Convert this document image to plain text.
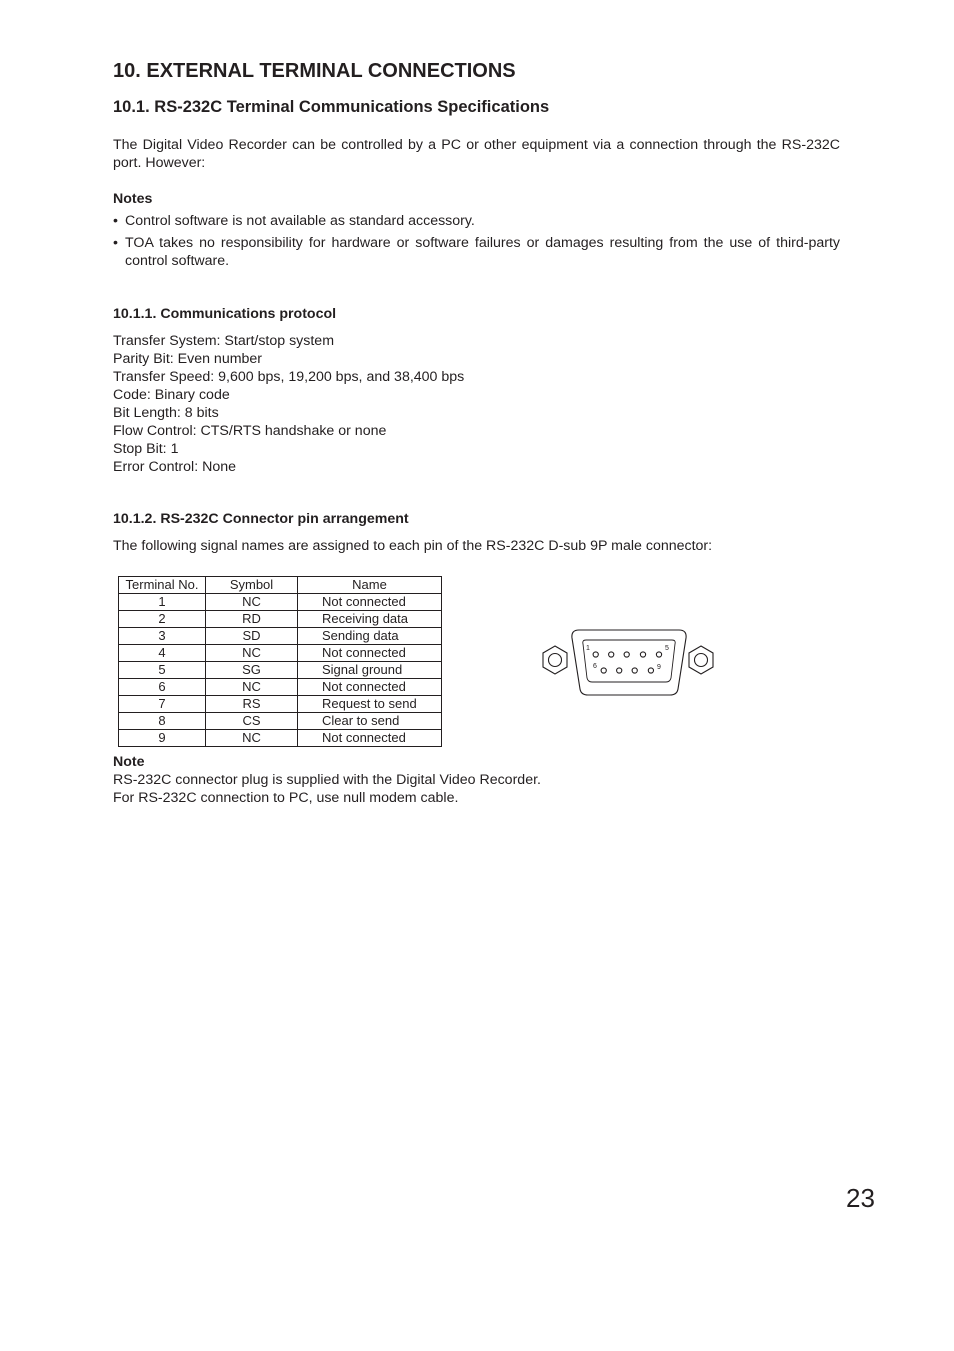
10. EXTERNAL TERMINAL CONNECTIONS
10.1. RS-232C Terminal Communications Specifications

The Digital Video Recorder can be controlled by a PC or other equipment via a connection through the RS-232C port. However:

Notes

• Control software is not available as standard accessory.
• TOA takes no responsibility for hardware or software failures or damages resulting from the use of third-party control software.
10.1.1. Communications protocol
Transfer System: Start/stop system
Parity Bit: Even number
Transfer Speed: 9,600 bps, 19,200 bps, and 38,400 bps
Code: Binary code
Bit Length: 8 bits
Flow Control: CTS/RTS handshake or none
Stop Bit: 1
Error Control: None
10.1.2. RS-232C Connector pin arrangement

The following signal names are assigned to each pin of the RS-232C D-sub 9P male connector:

Terminal No.	Symbol	Name
1	NC	Not connected
2	RD	Receiving data
3	SD	Sending data
4	NC	Not connected
5	SG	Signal ground
6	NC	Not connected
7	RS	Request to send
8	CS	Clear to send
9	NC	Not connected
1	5
6	9

Note

RS-232C connector plug is supplied with the Digital Video Recorder.

For RS-232C connection to PC, use null modem cable.

23
